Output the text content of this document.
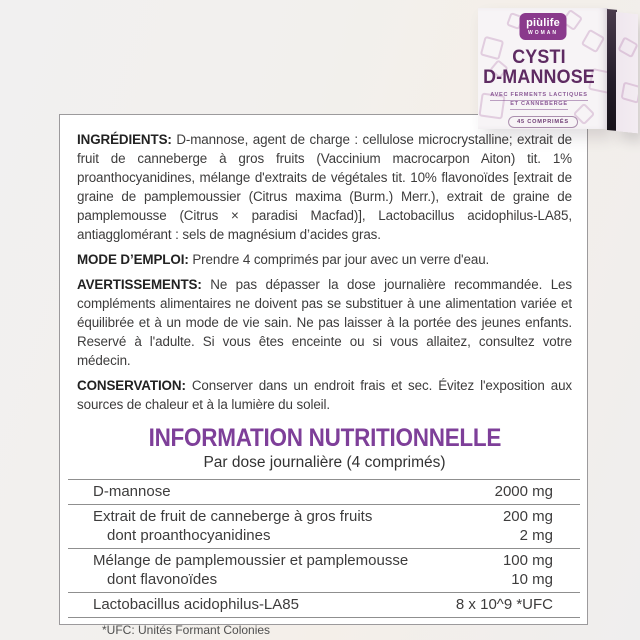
INGRÉDIENTS: D-mannose, agent de charge : cellulose microcrystalline; extrait de fruit de canneberge à gros fruits (Vaccinium macrocarpon Aiton) tit. 1% proanthocyanidines, mélange d'extraits de végétales tit. 10% flavonoïdes [extrait de graine de pamplemoussier (Citrus maxima (Burm.) Merr.), extrait de graine de pamplemousse (Citrus × paradisi Macfad)], Lactobacillus acidophilus-LA85, antiagglomérant : sels de magnésium d’acides gras.

MODE D’EMPLOI: Prendre 4 comprimés par jour avec un verre d'eau.

AVERTISSEMENTS: Ne pas dépasser la dose journalière recommandée. Les compléments alimentaires ne doivent pas se substituer à une alimentation variée et équilibrée et à un mode de vie sain. Ne pas laisser à la portée des jeunes enfants. Reservé à l'adulte. Si vous êtes enceinte ou si vous allaitez, consultez votre médecin.

CONSERVATION: Conserver dans un endroit frais et sec. Évitez l'exposition aux sources de chaleur et à la lumière du soleil.

INFORMATION NUTRITIONNELLE
Par dose journalière (4 comprimés)
D-mannose	2000 mg
Extrait de fruit de canneberge à gros fruits	200 mg
dont proanthocyanidines	2 mg
Mélange de pamplemoussier et pamplemousse	100 mg
dont flavonoïdes	10 mg
Lactobacillus acidophilus-LA85	8 x 10^9 *UFC
*UFC: Unités Formant Colonies
piùlife
WOMAN
CYSTI
D-MANNOSE
AVEC FERMENTS LACTIQUES
ET CANNEBERGE
45 COMPRIMÉS
